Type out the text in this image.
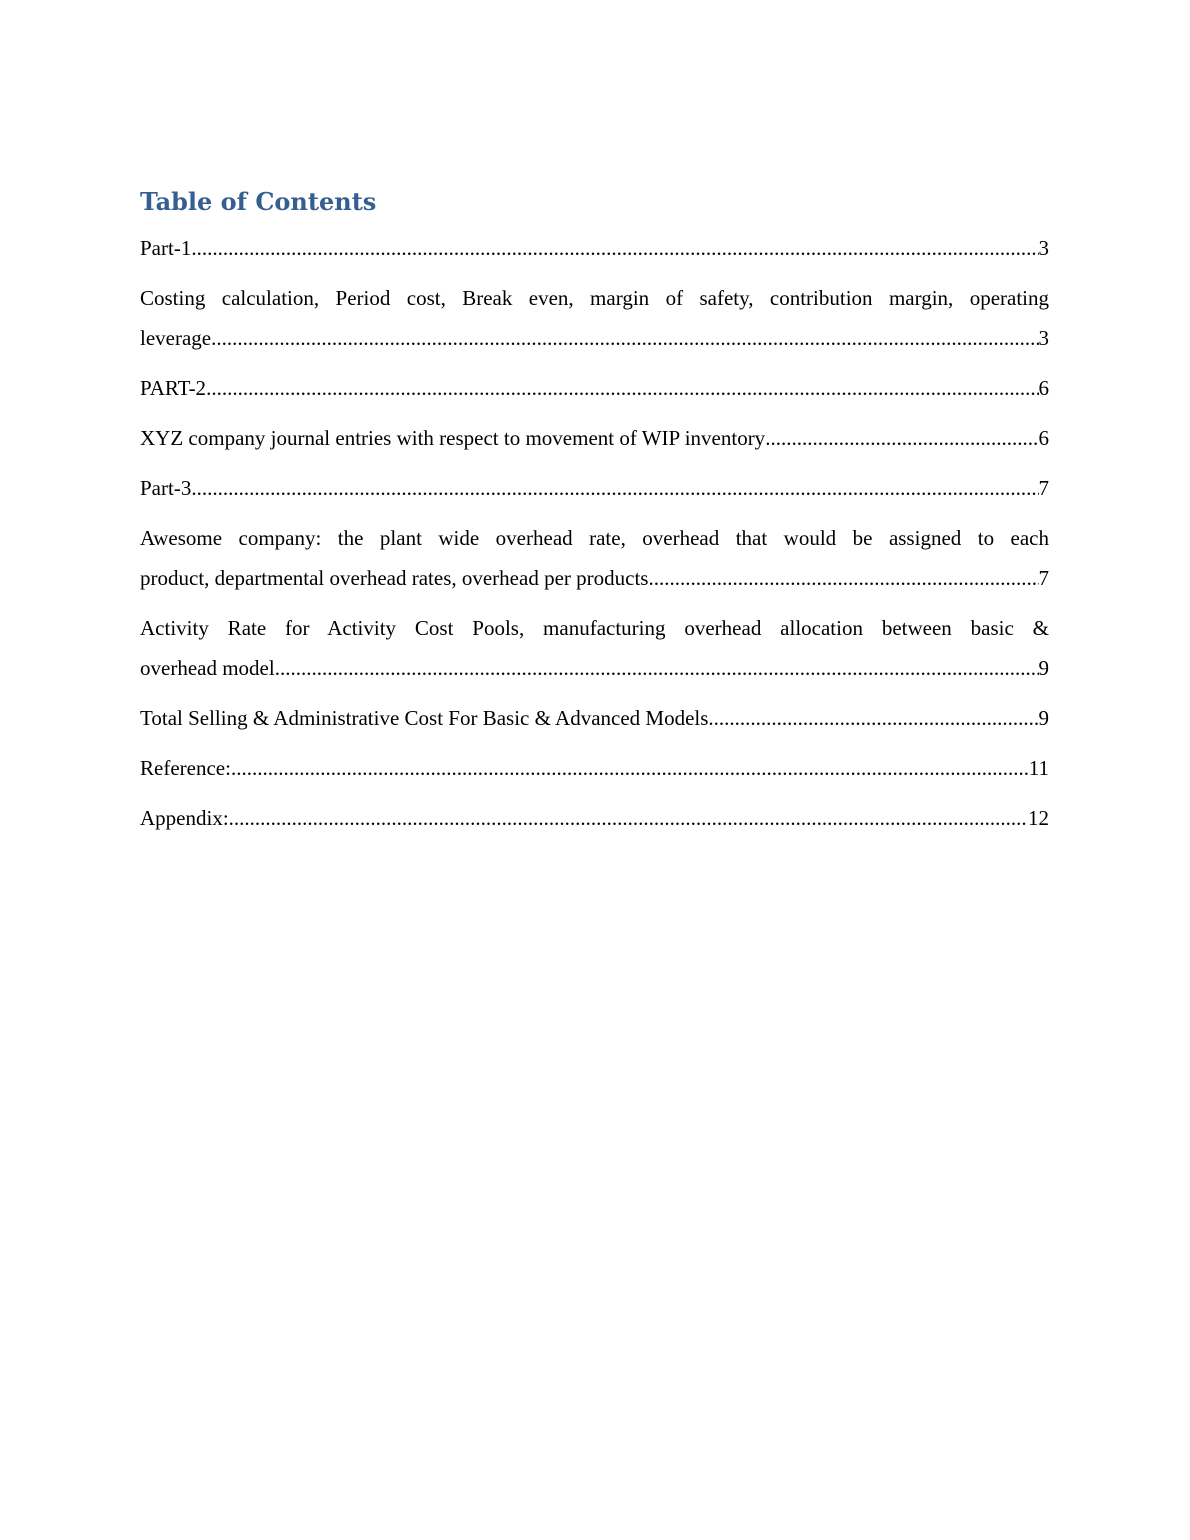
Table of Contents
Part-1 .....	3
Costing calculation, Period cost, Break even, margin of safety, contribution margin, operating
leverage .....	3
PART-2 .....	6
XYZ company journal entries with respect to movement of WIP inventory .....	6
Part-3 .....	7
Awesome company: the plant wide overhead rate, overhead that would be assigned to each
product, departmental overhead rates, overhead per products .....	7
Activity Rate for Activity Cost Pools, manufacturing overhead allocation between basic &
overhead model .....	9
Total Selling & Administrative Cost For Basic & Advanced Models .....	9
Reference: .....	11
Appendix: .....	12
